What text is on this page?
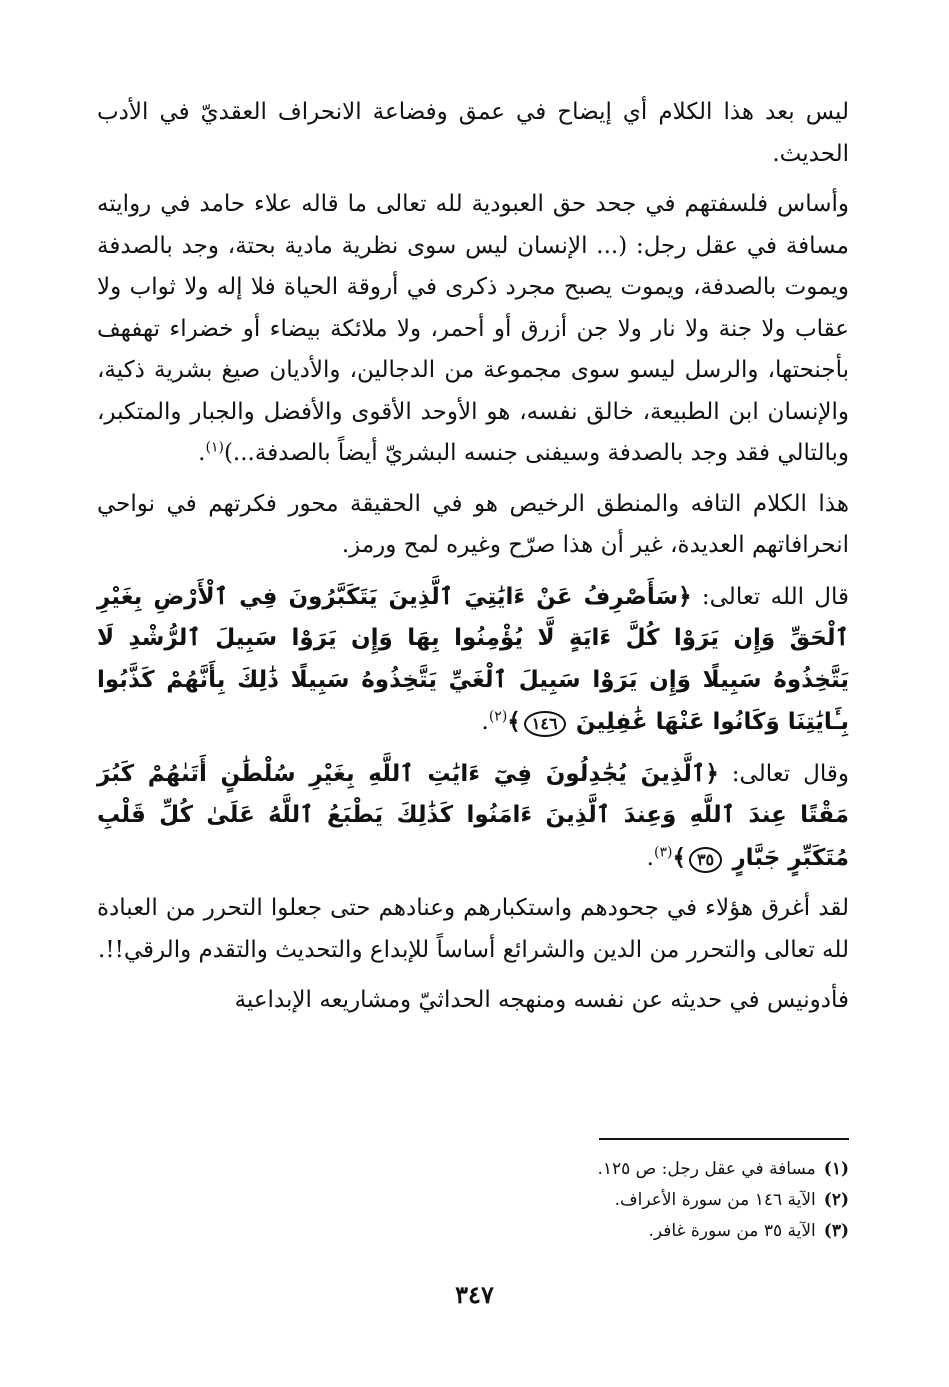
ليس بعد هذا الكلام أي إيضاح في عمق وفضاعة الانحراف العقديّ في الأدب الحديث.

وأساس فلسفتهم في جحد حق العبودية لله تعالى ما قاله علاء حامد في روايته مسافة في عقل رجل: (... الإنسان ليس سوى نظرية مادية بحتة، وجد بالصدفة ويموت بالصدفة، ويموت يصبح مجرد ذكرى في أروقة الحياة فلا إله ولا ثواب ولا عقاب ولا جنة ولا نار ولا جن أزرق أو أحمر، ولا ملائكة بيضاء أو خضراء تهفهف بأجنحتها، والرسل ليسو سوى مجموعة من الدجالين، والأديان صيغ بشرية ذكية، والإنسان ابن الطبيعة، خالق نفسه، هو الأوحد الأقوى والأفضل والجبار والمتكبر، وبالتالي فقد وجد بالصدفة وسيفنى جنسه البشريّ أيضاً بالصدفة...)$^{(١)}$.

هذا الكلام التافه والمنطق الرخيص هو في الحقيقة محور فكرتهم في نواحي انحرافاتهم العديدة، غير أن هذا صرّح وغيره لمح ورمز.

قال الله تعالى: ﴿سَأَصْرِفُ عَنْ ءَايَٰتِيَ ٱلَّذِينَ يَتَكَبَّرُونَ فِي ٱلْأَرْضِ بِغَيْرِ ٱلْحَقِّ وَإِن يَرَوْا كُلَّ ءَايَةٍ لَّا يُؤْمِنُوا بِهَا وَإِن يَرَوْا سَبِيلَ ٱلرُّشْدِ لَا يَتَّخِذُوهُ سَبِيلًا وَإِن يَرَوْا سَبِيلَ ٱلْغَيِّ يَتَّخِذُوهُ سَبِيلًا ذَٰلِكَ بِأَنَّهُمْ كَذَّبُوا بِـَٔايَٰتِنَا وَكَانُوا عَنْهَا غَٰفِلِينَ ١٤٦﴾$^{(٢)}$.

وقال تعالى: ﴿ٱلَّذِينَ يُجَٰدِلُونَ فِيٓ ءَايَٰتِ ٱللَّهِ بِغَيْرِ سُلْطَٰنٍ أَتَىٰهُمْ كَبُرَ مَقْتًا عِندَ ٱللَّهِ وَعِندَ ٱلَّذِينَ ءَامَنُوا كَذَٰلِكَ يَطْبَعُ ٱللَّهُ عَلَىٰ كُلِّ قَلْبِ مُتَكَبِّرٍ جَبَّارٍ ٣٥﴾$^{(٣)}$.

لقد أغرق هؤلاء في جحودهم واستكبارهم وعنادهم حتى جعلوا التحرر من العبادة لله تعالى والتحرر من الدين والشرائع أساساً للإبداع والتحديث والتقدم والرقي!!.

فأدونيس في حديثه عن نفسه ومنهجه الحداثيّ ومشاريعه الإبداعية

(١)مسافة في عقل رجل: ص ١٢٥.
(٢)الآية ١٤٦ من سورة الأعراف.
(٣)الآية ٣٥ من سورة غافر.
٣٤٧
